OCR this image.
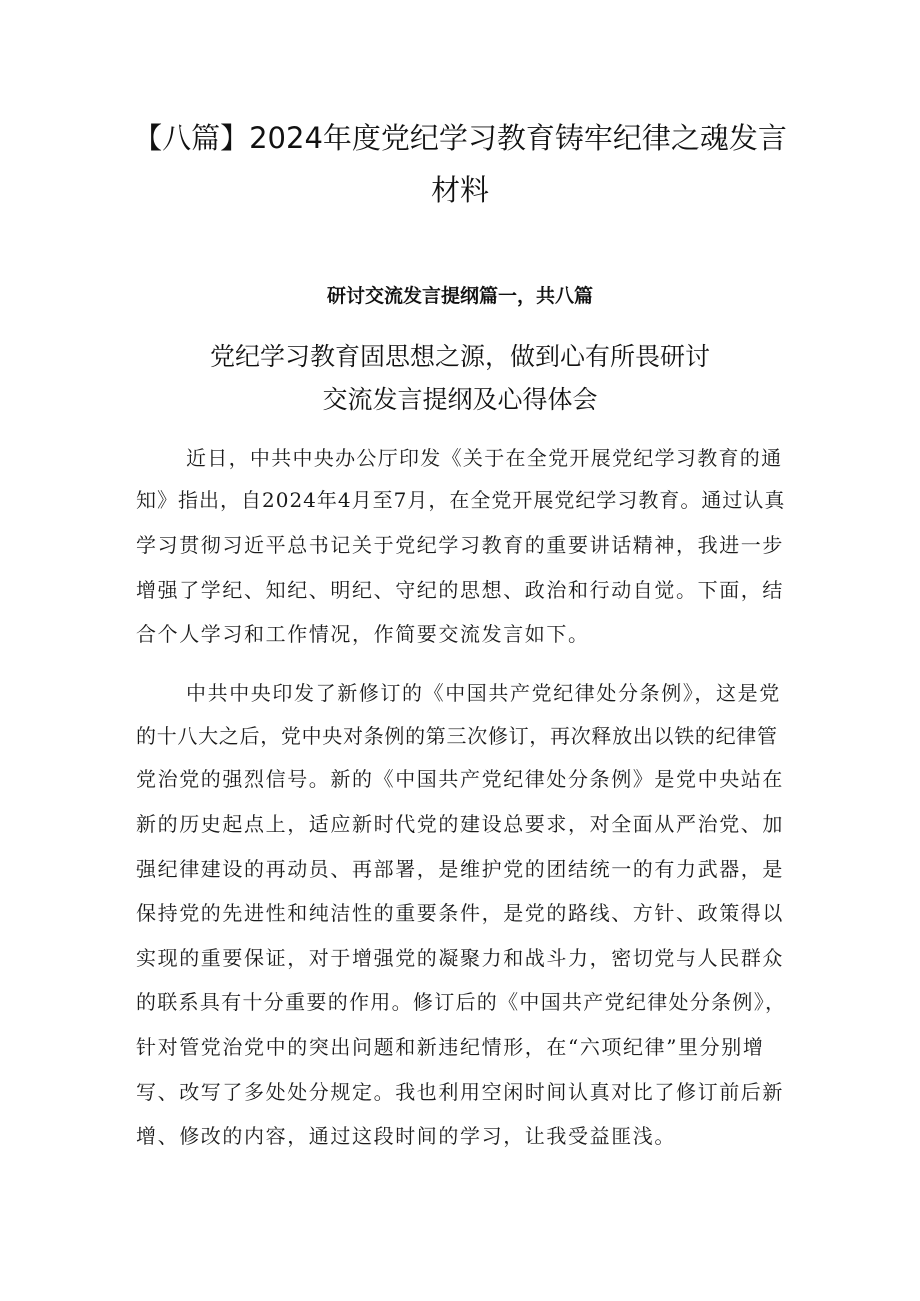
【八篇】2024年度党纪学习教育铸牢纪律之魂发言
材料
研讨交流发言提纲篇一，共八篇
党纪学习教育固思想之源，做到心有所畏研讨
交流发言提纲及心得体会
近日，中共中央办公厅印发《关于在全党开展党纪学习教育的通
知》指出，自2024年4月至7月，在全党开展党纪学习教育。通过认真
学习贯彻习近平总书记关于党纪学习教育的重要讲话精神，我进一步
增强了学纪、知纪、明纪、守纪的思想、政治和行动自觉。下面，结
合个人学习和工作情况，作简要交流发言如下。
中共中央印发了新修订的《中国共产党纪律处分条例》，这是党
的十八大之后，党中央对条例的第三次修订，再次释放出以铁的纪律管
党治党的强烈信号。新的《中国共产党纪律处分条例》是党中央站在
新的历史起点上，适应新时代党的建设总要求，对全面从严治党、加
强纪律建设的再动员、再部署，是维护党的团结统一的有力武器，是
保持党的先进性和纯洁性的重要条件，是党的路线、方针、政策得以
实现的重要保证，对于增强党的凝聚力和战斗力，密切党与人民群众
的联系具有十分重要的作用。修订后的《中国共产党纪律处分条例》，
针对管党治党中的突出问题和新违纪情形，在“六项纪律”里分别增
写、改写了多处处分规定。我也利用空闲时间认真对比了修订前后新
增、修改的内容，通过这段时间的学习，让我受益匪浅。
